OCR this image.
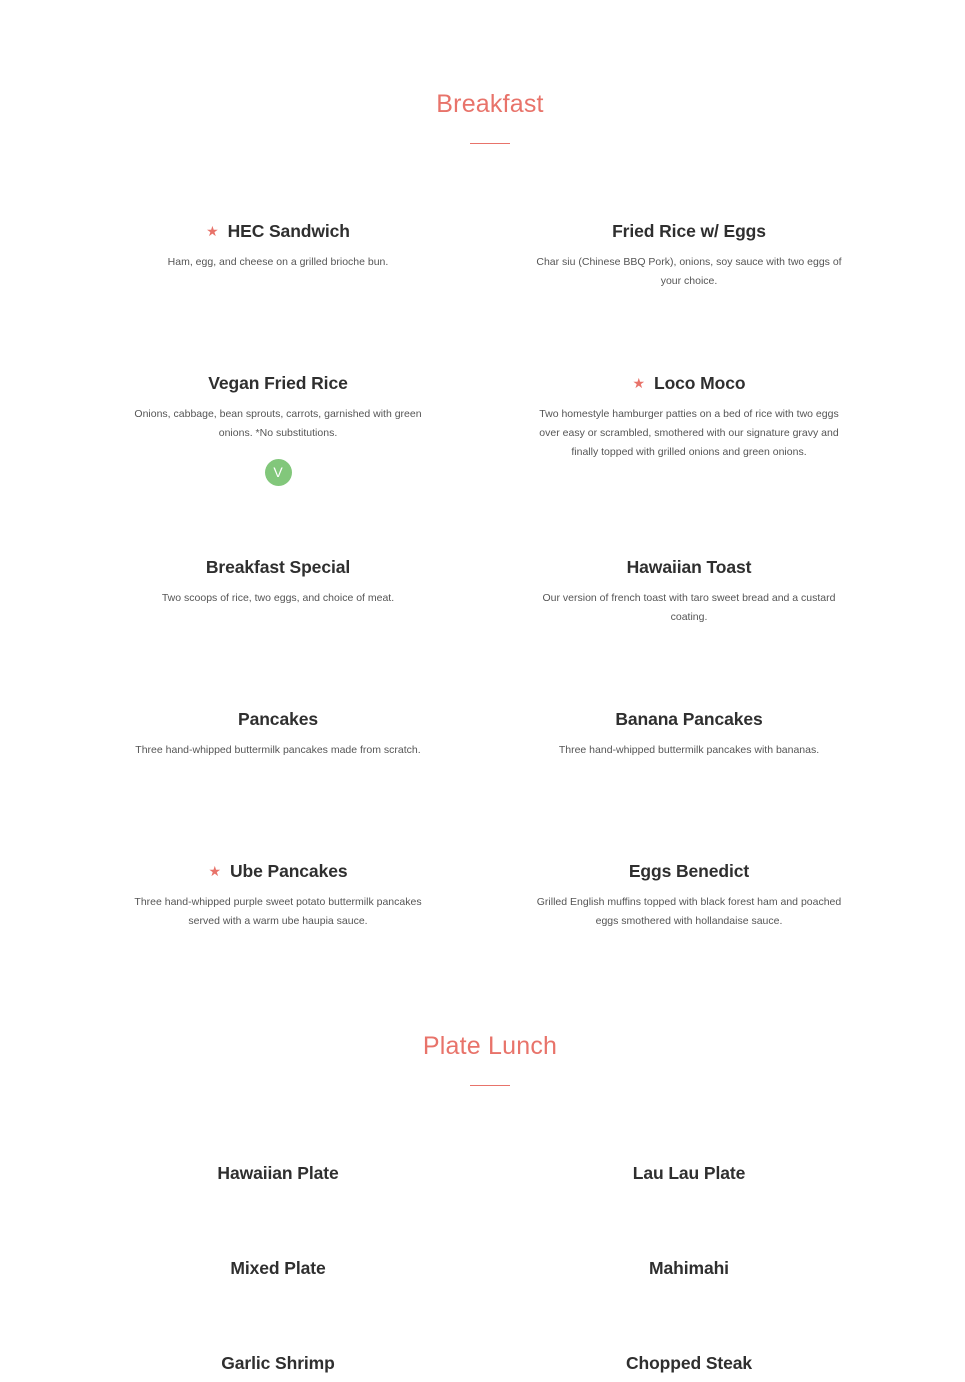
Breakfast
★ HEC Sandwich
Ham, egg, and cheese on a grilled brioche bun.
Fried Rice w/ Eggs
Char siu (Chinese BBQ Pork), onions, soy sauce with two eggs of your choice.
Vegan Fried Rice
Onions, cabbage, bean sprouts, carrots, garnished with green onions. *No substitutions.
V
★ Loco Moco
Two homestyle hamburger patties on a bed of rice with two eggs over easy or scrambled, smothered with our signature gravy and finally topped with grilled onions and green onions.
Breakfast Special
Two scoops of rice, two eggs, and choice of meat.
Hawaiian Toast
Our version of french toast with taro sweet bread and a custard coating.
Pancakes
Three hand-whipped buttermilk pancakes made from scratch.
Banana Pancakes
Three hand-whipped buttermilk pancakes with bananas.
★ Ube Pancakes
Three hand-whipped purple sweet potato buttermilk pancakes served with a warm ube haupia sauce.
Eggs Benedict
Grilled English muffins topped with black forest ham and poached eggs smothered with hollandaise sauce.
Plate Lunch
Hawaiian Plate	Lau Lau Plate
Mixed Plate	Mahimahi
Garlic Shrimp	Chopped Steak
